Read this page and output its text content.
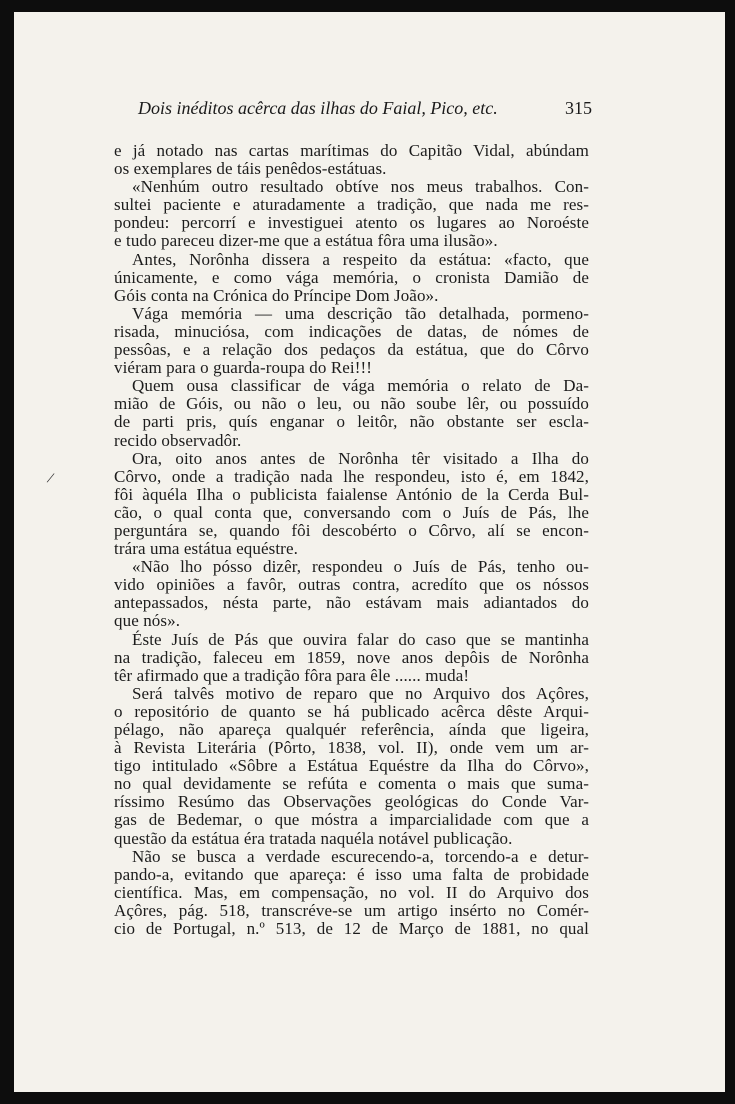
Dois inéditos acêrca das ilhas do Faial, Pico, etc.	315
/
e já notado nas cartas marítimas do Capitão Vidal, abúndam
os exemplares de táis penêdos-estátuas.
«Nenhúm outro resultado obtíve nos meus trabalhos. Con-
sultei paciente e aturadamente a tradição, que nada me res-
pondeu: percorrí e investiguei atento os lugares ao Noroéste
e tudo pareceu dizer-me que a estátua fôra uma ilusão».
Antes, Norônha dissera a respeito da estátua: «facto, que
únicamente, e como vága memória, o cronista Damião de
Góis conta na Crónica do Príncipe Dom João».
Vága memória — uma descrição tão detalhada, pormeno-
risada, minuciósa, com indicações de datas, de nómes de
pessôas, e a relação dos pedaços da estátua, que do Côrvo
viéram para o guarda-roupa do Rei!!!
Quem ousa classificar de vága memória o relato de Da-
mião de Góis, ou não o leu, ou não soube lêr, ou possuído
de parti pris, quís enganar o leitôr, não obstante ser escla-
recido observadôr.
Ora, oito anos antes de Norônha têr visitado a Ilha do
Côrvo, onde a tradição nada lhe respondeu, isto é, em 1842,
fôi àquéla Ilha o publicista faialense António de la Cerda Bul-
cão, o qual conta que, conversando com o Juís de Pás, lhe
perguntára se, quando fôi descobérto o Côrvo, alí se encon-
trára uma estátua equéstre.
«Não lho pósso dizêr, respondeu o Juís de Pás, tenho ou-
vido opiniões a favôr, outras contra, acredíto que os nóssos
antepassados, nésta parte, não estávam mais adiantados do
que nós».
Éste Juís de Pás que ouvira falar do caso que se mantinha
na tradição, faleceu em 1859, nove anos depôis de Norônha
têr afirmado que a tradição fôra para êle ...... muda!
Será talvês motivo de reparo que no Arquivo dos Açôres,
o repositório de quanto se há publicado acêrca dêste Arqui-
pélago, não apareça qualquér referência, aínda que ligeira,
à Revista Literária (Pôrto, 1838, vol. II), onde vem um ar-
tigo intitulado «Sôbre a Estátua Equéstre da Ilha do Côrvo»,
no qual devidamente se refúta e comenta o mais que suma-
ríssimo Resúmo das Observações geológicas do Conde Var-
gas de Bedemar, o que móstra a imparcialidade com que a
questão da estátua éra tratada naquéla notável publicação.
Não se busca a verdade escurecendo-a, torcendo-a e detur-
pando-a, evitando que apareça: é isso uma falta de probidade
científica. Mas, em compensação, no vol. II do Arquivo dos
Açôres, pág. 518, transcréve-se um artigo insérto no Comér-
cio de Portugal, n.º 513, de 12 de Março de 1881, no qual
